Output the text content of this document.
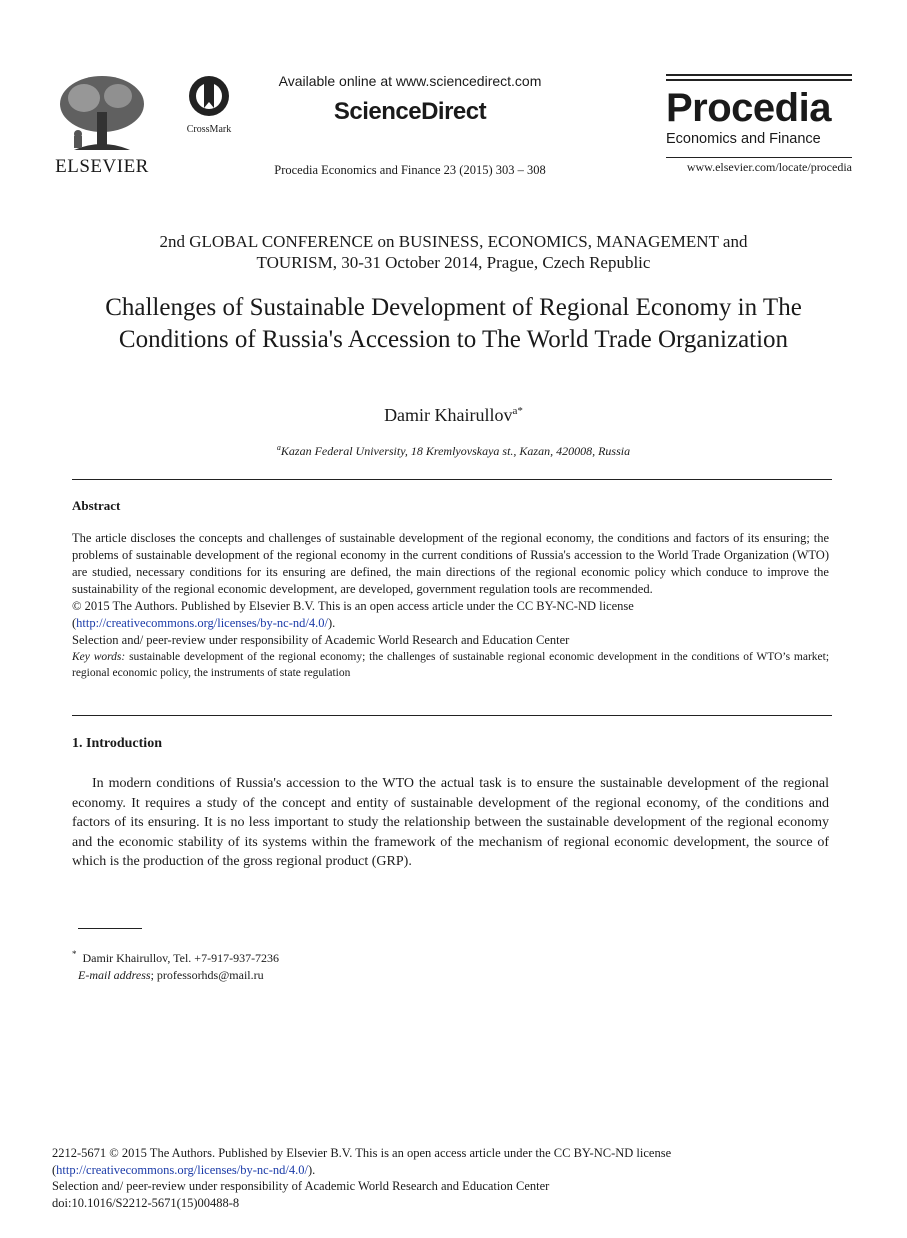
ELSEVIER
CrossMark
Available online at www.sciencedirect.com
ScienceDirect
Procedia Economics and Finance 23 (2015) 303 – 308
Procedia
Economics and Finance
www.elsevier.com/locate/procedia
2nd GLOBAL CONFERENCE on BUSINESS, ECONOMICS, MANAGEMENT and
TOURISM, 30-31 October 2014, Prague, Czech Republic
Challenges of Sustainable Development of Regional Economy in The Conditions of Russia's Accession to The World Trade Organization
Damir Khairullov$^{a*}$
$^a$Kazan Federal University, 18 Kremlyovskaya st., Kazan, 420008, Russia
Abstract

The article discloses the concepts and challenges of sustainable development of the regional economy, the conditions and factors of its ensuring; the problems of sustainable development of the regional economy in the current conditions of Russia's accession to the World Trade Organization (WTO) are studied, necessary conditions for its ensuring are defined, the main directions of the regional economic policy which conduce to improve the sustainability of the regional economic development, are developed, government regulation tools are recommended.

© 2015 The Authors. Published by Elsevier B.V. This is an open access article under the CC BY-NC-ND license

(http://creativecommons.org/licenses/by-nc-nd/4.0/).

Selection and/ peer-review under responsibility of Academic World Research and Education Center

Key words: sustainable development of the regional economy; the challenges of sustainable regional economic development in the conditions of WTO’s market; regional economic policy, the instruments of state regulation

1. Introduction

In modern conditions of Russia's accession to the WTO the actual task is to ensure the sustainable development of the regional economy. It requires a study of the concept and entity of sustainable development of the regional economy, of the conditions and factors of its ensuring. It is no less important to study the relationship between the sustainable development of the regional economy and the economic stability of its systems within the framework of the mechanism of regional economic development, the source of which is the production of the gross regional product (GRP).

* Damir Khairullov, Tel. +7-917-937-7236

E-mail address; professorhds@mail.ru

2212-5671 © 2015 The Authors. Published by Elsevier B.V. This is an open access article under the CC BY-NC-ND license

(http://creativecommons.org/licenses/by-nc-nd/4.0/).

Selection and/ peer-review under responsibility of Academic World Research and Education Center

doi:10.1016/S2212-5671(15)00488-8
